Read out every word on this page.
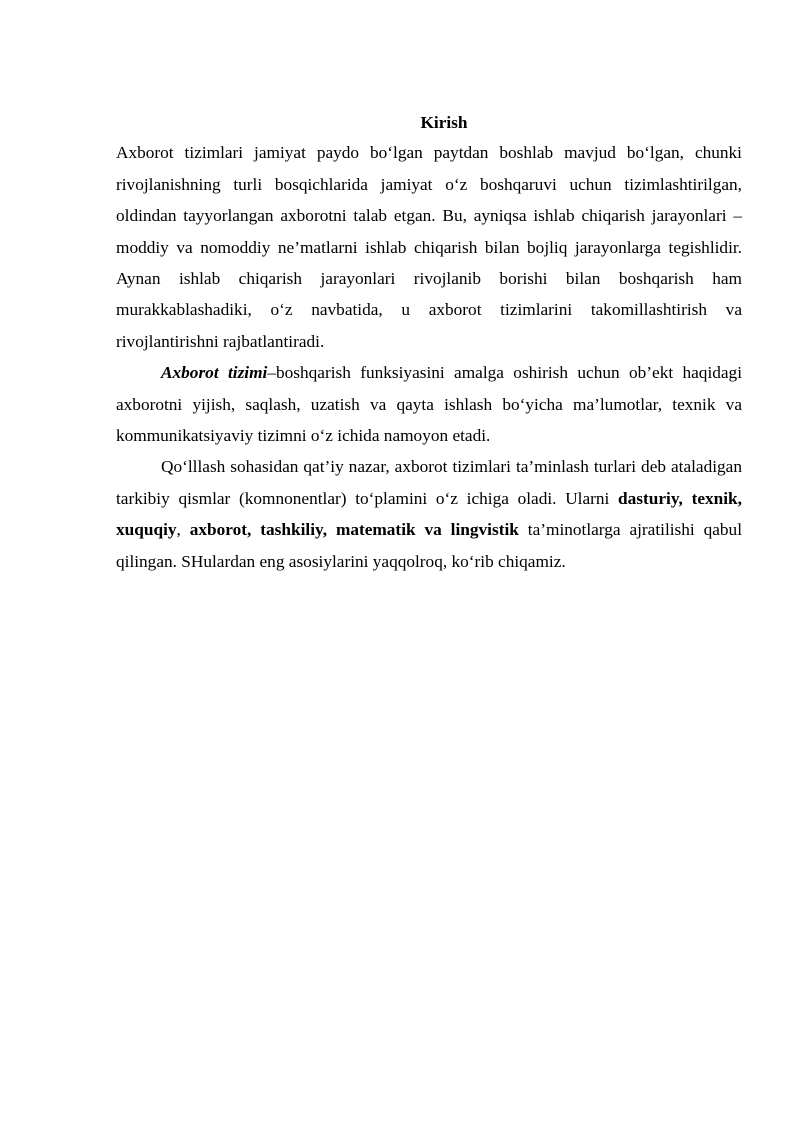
Kirish

Axborot tizimlari jamiyat paydo bo‘lgan paytdan boshlab mavjud bo‘lgan, chunki rivojlanishning turli bosqichlarida jamiyat o‘z boshqaruvi uchun tizimlashtirilgan, oldindan tayyorlangan axborotni talab etgan. Bu, ayniqsa ishlab chiqarish jarayonlari – moddiy va nomoddiy ne’matlarni ishlab chiqarish bilan bojliq jarayonlarga tegishlidir. Aynan ishlab chiqarish jarayonlari rivojlanib borishi bilan boshqarish ham murakkablashadiki, o‘z navbatida, u axborot tizimlarini takomillashtirish va rivojlantirishni rajbatlantiradi.

Axborot tizimi–boshqarish funksiyasini amalga oshirish uchun ob’ekt haqidagi axborotni yijish, saqlash, uzatish va qayta ishlash bo‘yicha ma’lumotlar, texnik va kommunikatsiyaviy tizimni o‘z ichida namoyon etadi.

Qo‘lllash sohasidan qat’iy nazar, axborot tizimlari ta’minlash turlari deb ataladigan tarkibiy qismlar (komnonentlar) to‘plamini o‘z ichiga oladi. Ularni dasturiy, texnik, xuquqiy, axborot, tashkiliy, matematik va lingvistik ta’minotlarga ajratilishi qabul qilingan. SHulardan eng asosiylarini yaqqolroq, ko‘rib chiqamiz.
